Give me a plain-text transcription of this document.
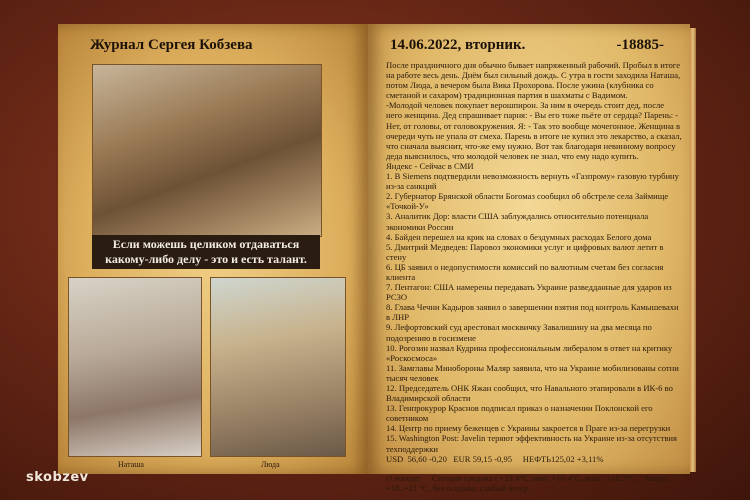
Журнал Сергея Кобзева
Если можешь целиком отдаваться какому-либо делу - это и есть талант.
Наташа	Люда
14.06.2022, вторник.	-18885-

После праздничного дня обычно бывает напряженный рабочий. Пробыл в итоге на работе весь день. Днём был сильный дождь. С утра в гости заходила Наташа, потом Люда, а вечером была Вика Прохорова. После ужина (клубника со сметаной и сахаром) традиционная партия в шахматы с Вадимом.

-Молодой человек покупает верошпирон. За ним в очередь стоит дед, после него женщина. Дед спрашивает парня: - Вы его тоже пьёте от сердца? Парень: - Нет, от головы, от головокружения. Я: - Так это вообще мочегонное. Женщина в очереди чуть не упала от смеха. Парень в итоге не купил это лекарство, а сказал, что сначала выяснит, что-же ему нужно. Вот так благодаря невинному вопросу деда выяснилось, что молодой человек не знал, что ему надо купить.

Яндекс - Сейчас в СМИ

1. В Siemens подтвердили невозможность вернуть «Газпрому» газовую турбину из-за санкций

2. Губернатор Брянской области Богомаз сообщил об обстреле села Займище «Точкой-У»

3. Аналитик Дор: власти США заблуждались относительно потенциала экономики России

4. Байден перешел на крик на словах о бездумных расходах Белого дома

5. Дмитрий Медведев: Паровоз экономики услуг и цифровых валют летит в стену

6. ЦБ заявил о недопустимости комиссий по валютным счетам без согласия клиента

7. Пентагон: США намерены передавать Украине разведданные для ударов из РСЗО

8. Глава Чечни Кадыров заявил о завершении взятия под контроль Камышевахи в ЛНР

9. Лефортовский суд арестовал москвичку Завалишину на два месяца по подозрению в госизмене

10. Рогозин назвал Кудрина профессиональным либералом в ответ на критику «Роскосмоса»

11. Замглавы Минобороны Маляр заявила, что на Украине мобилизованы сотни тысяч человек

12. Председатель ОНК Яжан сообщил, что Навального этапировали в ИК-6 во Владимирской области

13. Генпрокурор Краснов подписал приказ о назначении Поклонской его советником

14. Центр по приему беженцев с Украины закроется в Праге из-за перегрузки

15. Washington Post: Javelin теряют эффективность на Украине из-за отсутствия техподдержки

USD  56,60 -0,20   EUR 59,15 -0,95     НЕФТЬ125,02 +3,11%

О погоде:     Сегодня средняя t +23.4°C, мин. +16.4°C, макс. +28.2°C.   Завтра: +18..+21 °C, без осадков, слабый ветер.

skobzev
